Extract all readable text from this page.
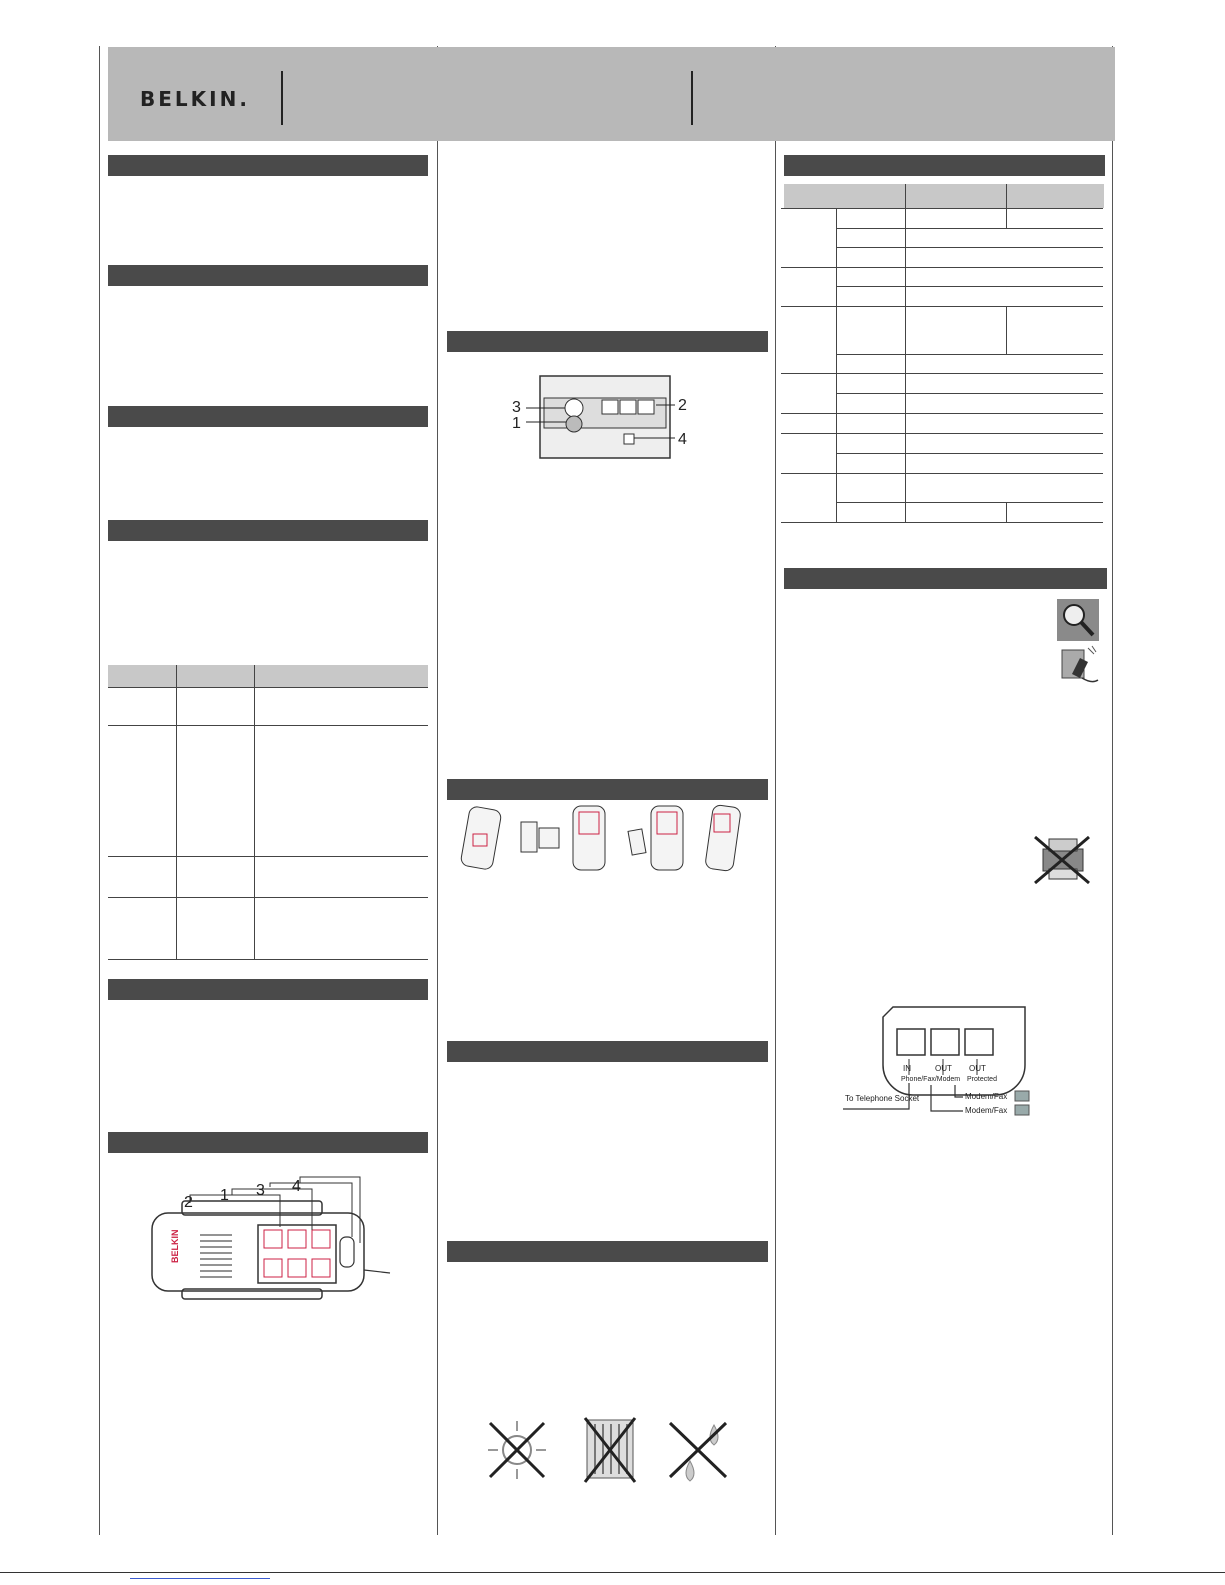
BELKIN.
BELKIN
2 1 3 4
3
1
2
4
IN	OUT OUT
Phone/Fax/Modem Protected
To Telephone Socket	Modem/Fax
Modem/Fax
